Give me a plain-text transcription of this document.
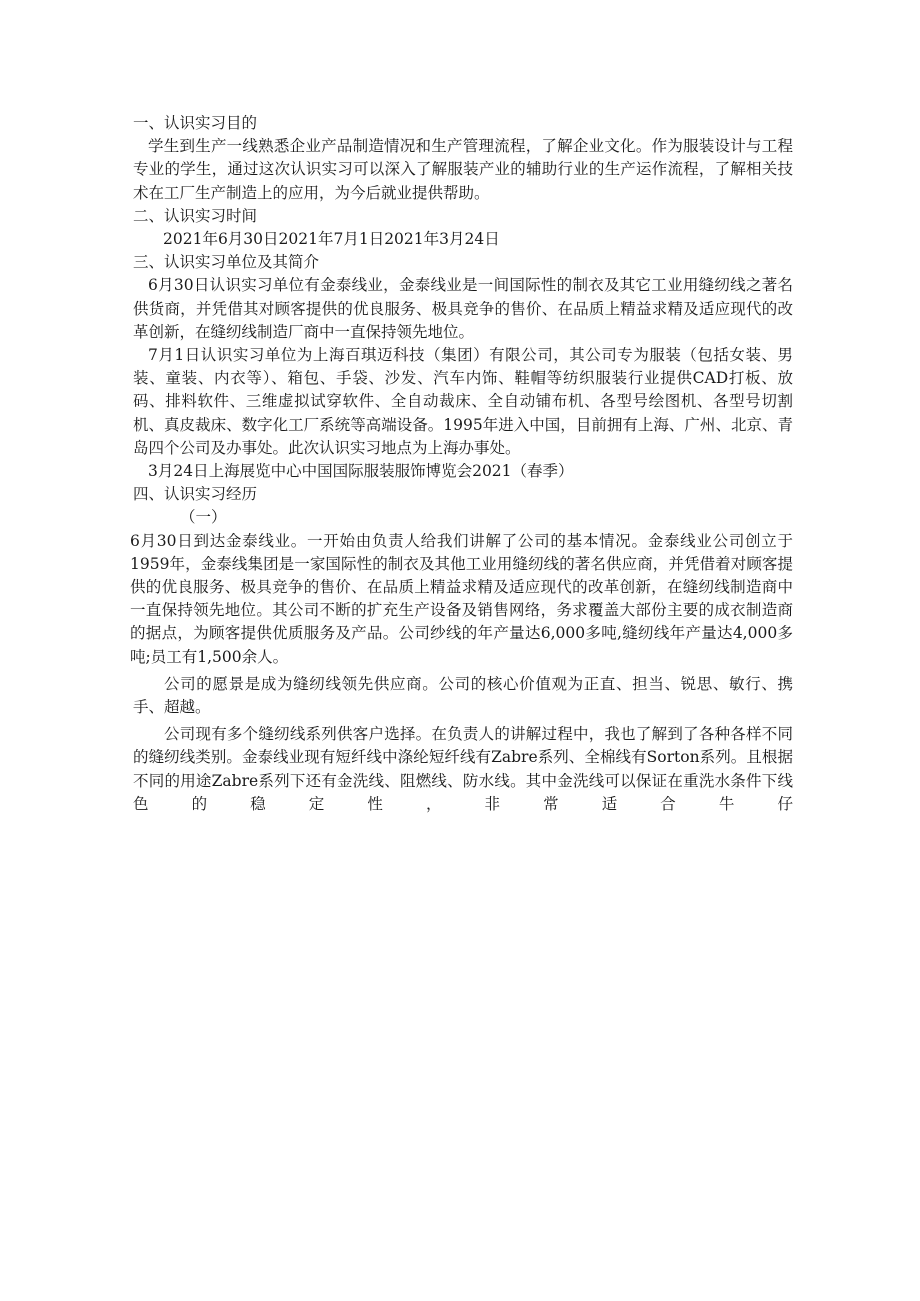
一、认识实习目的

学生到生产一线熟悉企业产品制造情况和生产管理流程，了解企业文化。作为服装设计与工程专业的学生，通过这次认识实习可以深入了解服装产业的辅助行业的生产运作流程，了解相关技术在工厂生产制造上的应用，为今后就业提供帮助。

二、认识实习时间

2021年6月30日2021年7月1日2021年3月24日

三、认识实习单位及其简介

6月30日认识实习单位有金泰线业，金泰线业是一间国际性的制衣及其它工业用缝纫线之著名供货商，并凭借其对顾客提供的优良服务、极具竞争的售价、在品质上精益求精及适应现代的改革创新，在缝纫线制造厂商中一直保持领先地位。

7月1日认识实习单位为上海百琪迈科技（集团）有限公司，其公司专为服装（包括女装、男装、童装、内衣等）、箱包、手袋、沙发、汽车内饰、鞋帽等纺织服装行业提供CAD打板、放码、排料软件、三维虚拟试穿软件、全自动裁床、全自动铺布机、各型号绘图机、各型号切割机、真皮裁床、数字化工厂系统等高端设备。1995年进入中国，目前拥有上海、广州、北京、青岛四个公司及办事处。此次认识实习地点为上海办事处。

3月24日上海展览中心中国国际服装服饰博览会2021（春季）

四、认识实习经历

（一）

6月30日到达金泰线业。一开始由负责人给我们讲解了公司的基本情况。金泰线业公司创立于1959年，金泰线集团是一家国际性的制衣及其他工业用缝纫线的著名供应商，并凭借着对顾客提供的优良服务、极具竞争的售价、在品质上精益求精及适应现代的改革创新，在缝纫线制造商中一直保持领先地位。其公司不断的扩充生产设备及销售网络，务求覆盖大部份主要的成衣制造商的据点，为顾客提供优质服务及产品。公司纱线的年产量达6,000多吨,缝纫线年产量达4,000多吨;员工有1,500余人。

公司的愿景是成为缝纫线领先供应商。公司的核心价值观为正直、担当、锐思、敏行、携手、超越。

公司现有多个缝纫线系列供客户选择。在负责人的讲解过程中，我也了解到了各种各样不同的缝纫线类别。金泰线业现有短纤线中涤纶短纤线有Zabre系列、全棉线有Sorton系列。且根据不同的用途Zabre系列下还有金洗线、阻燃线、防水线。其中金洗线可以保证在重洗水条件下线色的稳定性，非常适合牛仔
